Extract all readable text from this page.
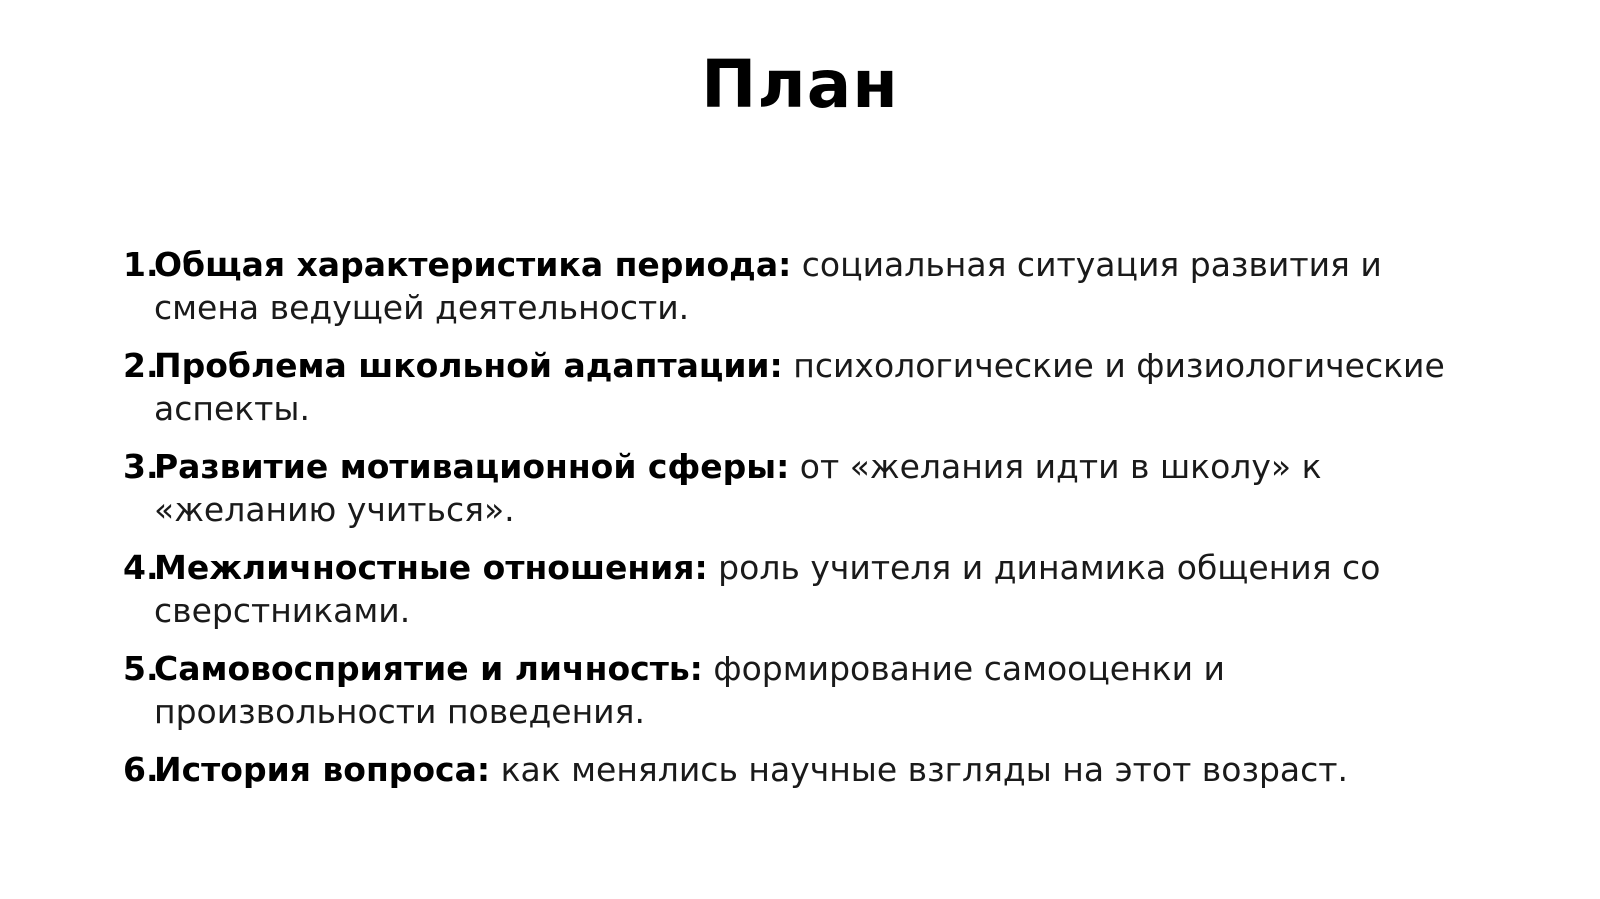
План
1.
Общая характеристика периода: социальная ситуация развития и смена ведущей деятельности.
2.
Проблема школьной адаптации: психологические и физиологические аспекты.
3.
Развитие мотивационной сферы: от «желания идти в школу» к «желанию учиться».
4.
Межличностные отношения: роль учителя и динамика общения со сверстниками.
5.
Самовосприятие и личность: формирование самооценки и произвольности поведения.
6.
История вопроса: как менялись научные взгляды на этот возраст.
